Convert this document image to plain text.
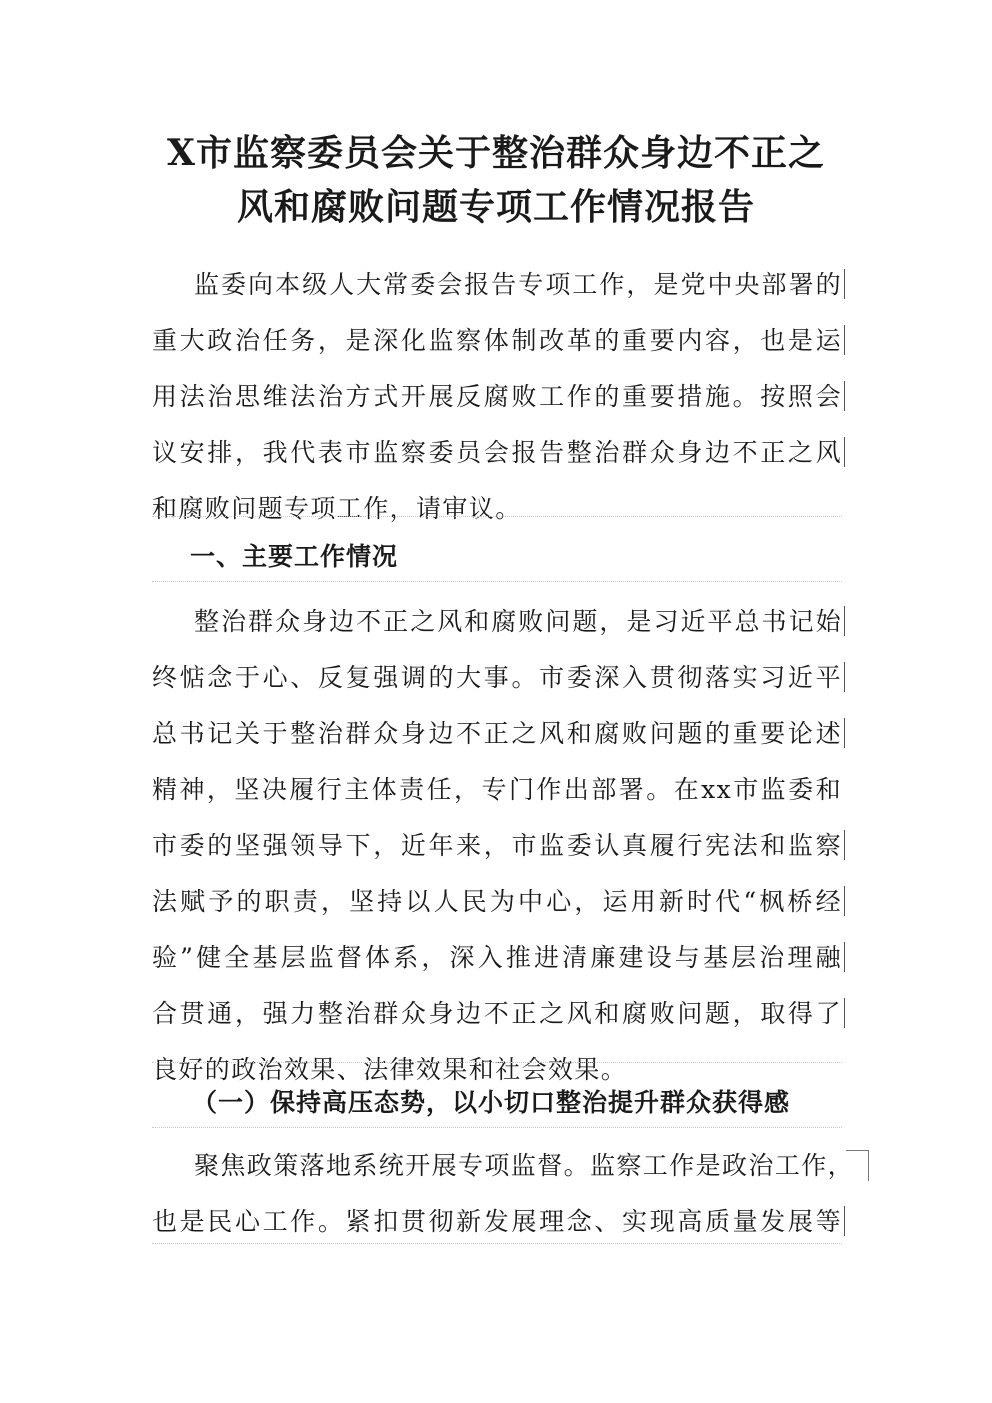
X市监察委员会关于整治群众身边不正之
风和腐败问题专项工作情况报告

监委向本级人大常委会报告专项工作，是党中央部署的

重大政治任务，是深化监察体制改革的重要内容，也是运

用法治思维法治方式开展反腐败工作的重要措施。按照会

议安排，我代表市监察委员会报告整治群众身边不正之风

和腐败问题专项工作，请审议。

一、主要工作情况

整治群众身边不正之风和腐败问题，是习近平总书记始

终惦念于心、反复强调的大事。市委深入贯彻落实习近平

总书记关于整治群众身边不正之风和腐败问题的重要论述

精神，坚决履行主体责任，专门作出部署。在xx市监委和

市委的坚强领导下，近年来，市监委认真履行宪法和监察

法赋予的职责，坚持以人民为中心，运用新时代“枫桥经

验”健全基层监督体系，深入推进清廉建设与基层治理融

合贯通，强力整治群众身边不正之风和腐败问题，取得了

良好的政治效果、法律效果和社会效果。

（一）保持高压态势，以小切口整治提升群众获得感

聚焦政策落地系统开展专项监督。监察工作是政治工作，

也是民心工作。紧扣贯彻新发展理念、实现高质量发展等
